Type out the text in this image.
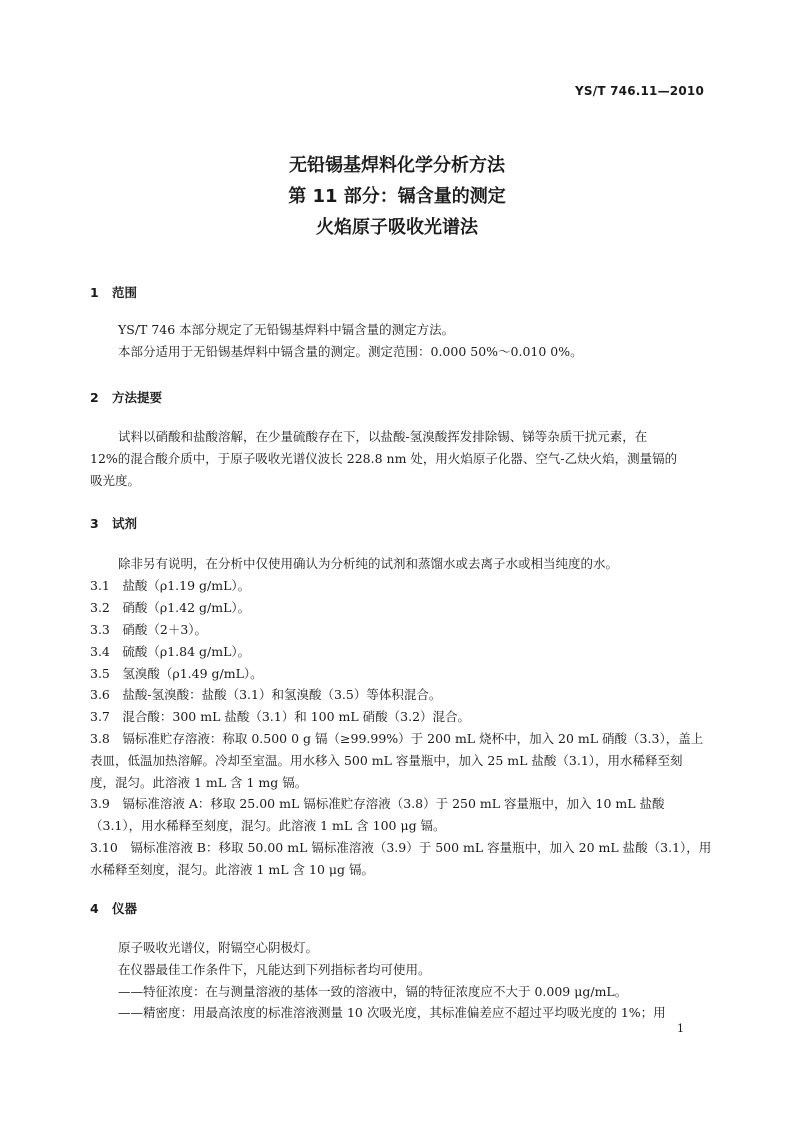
YS/T 746.11—2010
无铅锡基焊料化学分析方法
第 11 部分：镉含量的测定
火焰原子吸收光谱法
1 范围
YS/T 746 本部分规定了无铅锡基焊料中镉含量的测定方法。
本部分适用于无铅锡基焊料中镉含量的测定。测定范围：0.000 50%～0.010 0%。
2 方法提要
试料以硝酸和盐酸溶解，在少量硫酸存在下，以盐酸-氢溴酸挥发排除锡、锑等杂质干扰元素，在
12%的混合酸介质中，于原子吸收光谱仪波长 228.8 nm 处，用火焰原子化器、空气-乙炔火焰，测量镉的
吸光度。
3 试剂
除非另有说明，在分析中仅使用确认为分析纯的试剂和蒸馏水或去离子水或相当纯度的水。
3.1　盐酸（ρ1.19 g/mL）。
3.2　硝酸（ρ1.42 g/mL）。
3.3　硝酸（2＋3）。
3.4　硫酸（ρ1.84 g/mL）。
3.5　氢溴酸（ρ1.49 g/mL）。
3.6　盐酸-氢溴酸：盐酸（3.1）和氢溴酸（3.5）等体积混合。
3.7　混合酸：300 mL 盐酸（3.1）和 100 mL 硝酸（3.2）混合。
3.8　镉标准贮存溶液：称取 0.500 0 g 镉（≥99.99%）于 200 mL 烧杯中，加入 20 mL 硝酸（3.3），盖上
表皿，低温加热溶解。冷却至室温。用水移入 500 mL 容量瓶中，加入 25 mL 盐酸（3.1），用水稀释至刻
度，混匀。此溶液 1 mL 含 1 mg 镉。
3.9　镉标准溶液 A：移取 25.00 mL 镉标准贮存溶液（3.8）于 250 mL 容量瓶中，加入 10 mL 盐酸
（3.1），用水稀释至刻度，混匀。此溶液 1 mL 含 100 μg 镉。
3.10　镉标准溶液 B：移取 50.00 mL 镉标准溶液（3.9）于 500 mL 容量瓶中，加入 20 mL 盐酸（3.1），用
水稀释至刻度，混匀。此溶液 1 mL 含 10 μg 镉。
4 仪器
原子吸收光谱仪，附镉空心阴极灯。
在仪器最佳工作条件下，凡能达到下列指标者均可使用。
——特征浓度：在与测量溶液的基体一致的溶液中，镉的特征浓度应不大于 0.009 μg/mL。
——精密度：用最高浓度的标准溶液测量 10 次吸光度，其标准偏差应不超过平均吸光度的 1%；用
1
